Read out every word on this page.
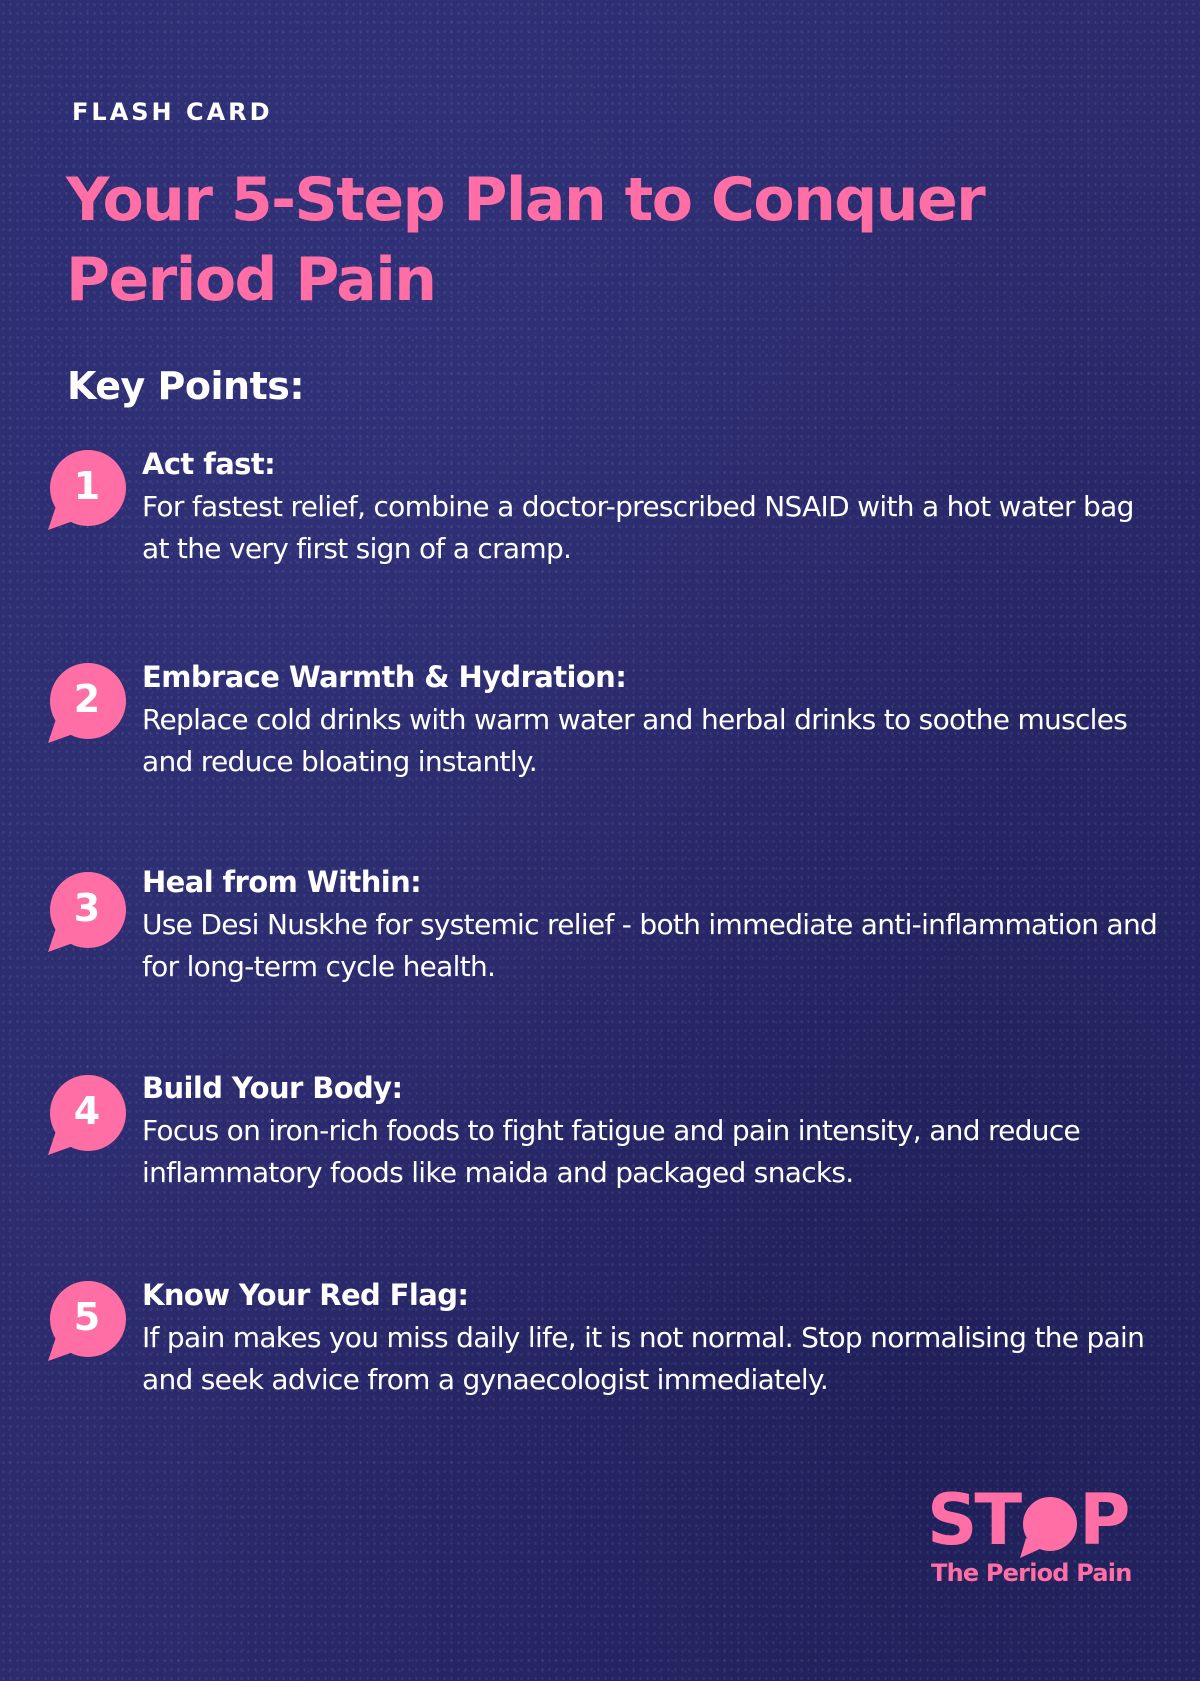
FLASH CARD
Your 5-Step Plan to Conquer Period Pain
Key Points:
1	Act fast:
For fastest relief, combine a doctor-prescribed NSAID with a hot water bag at the very first sign of a cramp.
2	Embrace Warmth & Hydration:
Replace cold drinks with warm water and herbal drinks to soothe muscles and reduce bloating instantly.
3
Heal from Within:
Use Desi Nuskhe for systemic relief - both immediate anti-inflammation and for long-term cycle health.
4
Build Your Body:
Focus on iron-rich foods to fight fatigue and pain intensity, and reduce inflammatory foods like maida and packaged snacks.
5	Know Your Red Flag:
If pain makes you miss daily life, it is not normal. Stop normalising the pain and seek advice from a gynaecologist immediately.
ST P
The Period Pain
